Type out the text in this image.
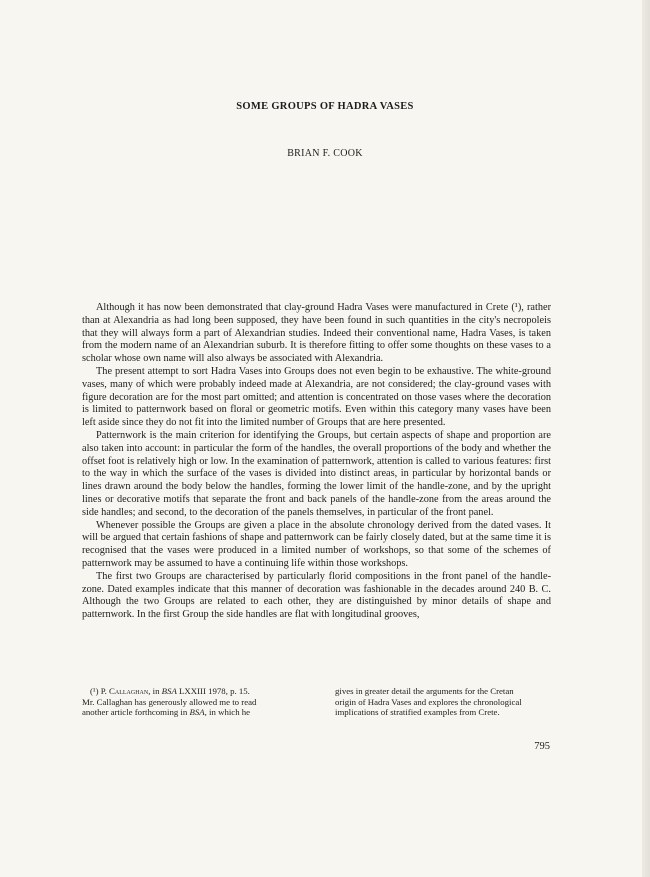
SOME GROUPS OF HADRA VASES
BRIAN F. COOK

Although it has now been demonstrated that clay-ground Hadra Vases were manufactured in Crete (¹), rather than at Alexandria as had long been supposed, they have been found in such quantities in the city's necropoleis that they will always form a part of Alexandrian studies. Indeed their conventional name, Hadra Vases, is taken from the modern name of an Alexandrian suburb. It is therefore fitting to offer some thoughts on these vases to a scholar whose own name will also always be associated with Alexandria.

The present attempt to sort Hadra Vases into Groups does not even begin to be exhaustive. The white-ground vases, many of which were probably indeed made at Alexandria, are not considered; the clay-ground vases with figure decoration are for the most part omitted; and attention is concentrated on those vases where the decoration is limited to patternwork based on floral or geometric motifs. Even within this category many vases have been left aside since they do not fit into the limited number of Groups that are here presented.

Patternwork is the main criterion for identifying the Groups, but certain aspects of shape and proportion are also taken into account: in particular the form of the handles, the overall proportions of the body and whether the offset foot is relatively high or low. In the examination of patternwork, attention is called to various features: first to the way in which the surface of the vases is divided into distinct areas, in particular by horizontal bands or lines drawn around the body below the handles, forming the lower limit of the handle-zone, and by the upright lines or decorative motifs that separate the front and back panels of the handle-zone from the areas around the side handles; and second, to the decoration of the panels themselves, in particular of the front panel.

Whenever possible the Groups are given a place in the absolute chronology derived from the dated vases. It will be argued that certain fashions of shape and patternwork can be fairly closely dated, but at the same time it is recognised that the vases were produced in a limited number of workshops, so that some of the schemes of patternwork may be assumed to have a continuing life within those workshops.

The first two Groups are characterised by particularly florid compositions in the front panel of the handle-zone. Dated examples indicate that this manner of decoration was fashionable in the decades around 240 B. C. Although the two Groups are related to each other, they are distinguished by minor details of shape and patternwork. In the first Group the side handles are flat with longitudinal grooves,

(¹) P. Callaghan, in BSA LXXIII 1978, p. 15.
Mr. Callaghan has generously allowed me to read
another article forthcoming in BSA, in which he
gives in greater detail the arguments for the Cretan
origin of Hadra Vases and explores the chronological
implications of stratified examples from Crete.
795
